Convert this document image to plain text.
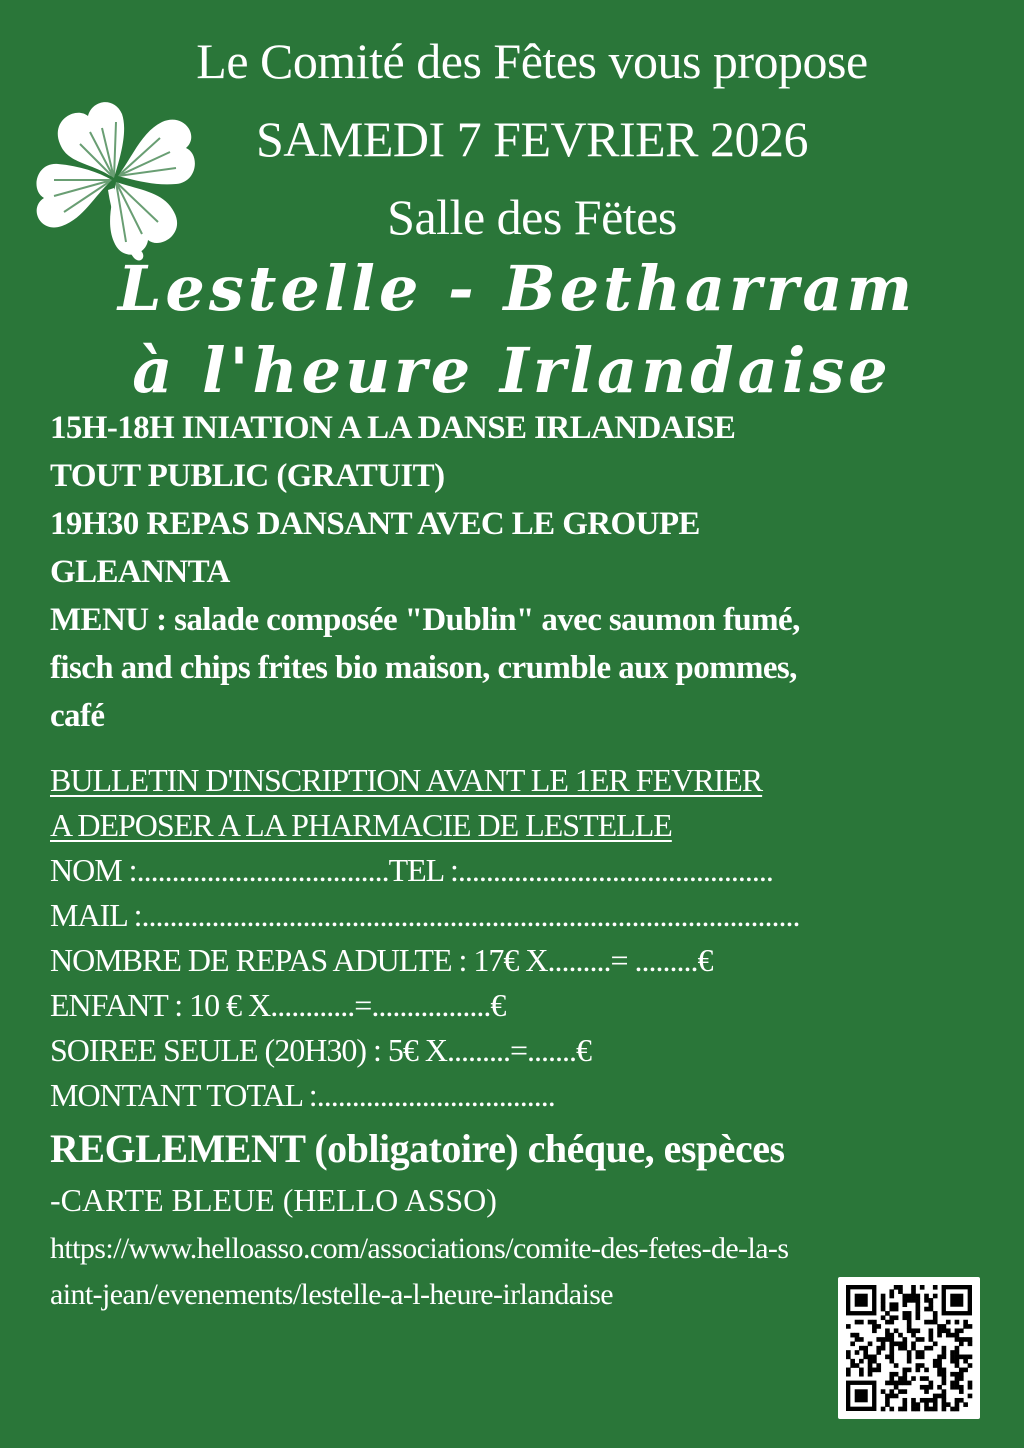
Le Comité des Fêtes vous propose
SAMEDI 7 FEVRIER 2026
Salle des Fëtes
Lestelle - Betharram
à l'heure Irlandaise
15H-18H INIATION A LA DANSE IRLANDAISE
TOUT PUBLIC (GRATUIT)
19H30 REPAS DANSANT AVEC LE GROUPE
GLEANNTA
MENU : salade composée "Dublin" avec saumon fumé,
fisch and chips frites bio maison, crumble aux pommes,
café
BULLETIN D'INSCRIPTION AVANT LE 1ER FEVRIER
A DEPOSER A LA PHARMACIE DE LESTELLE
NOM :....................................TEL :.............................................
MAIL :..............................................................................................
NOMBRE DE REPAS ADULTE : 17€ X.........= .........€
ENFANT : 10 € X............=.................€
SOIREE SEULE (20H30) : 5€ X.........=.......€
MONTANT TOTAL :..................................
REGLEMENT (obligatoire) chéque, espèces
-CARTE BLEUE (HELLO ASSO)
https://www.helloasso.com/associations/comite-des-fetes-de-la-s
aint-jean/evenements/lestelle-a-l-heure-irlandaise
